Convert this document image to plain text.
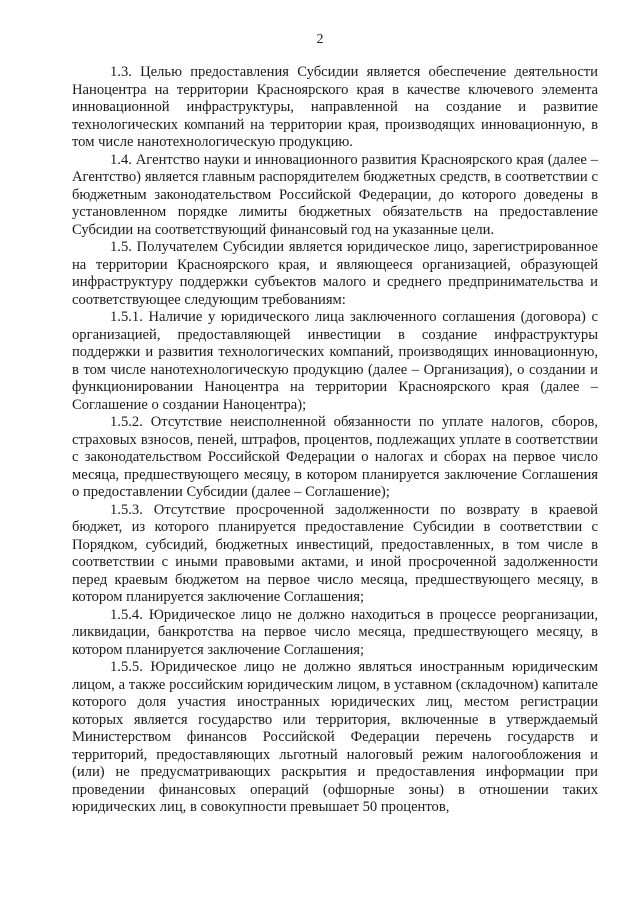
2

1.3. Целью предоставления Субсидии является обеспечение деятельности Наноцентра на территории Красноярского края в качестве ключевого элемента инновационной инфраструктуры, направленной на создание и развитие технологических компаний на территории края, производящих инновационную, в том числе нанотехнологическую продукцию.

1.4. Агентство науки и инновационного развития Красноярского края (далее – Агентство) является главным распорядителем бюджетных средств, в соответствии с бюджетным законодательством Российской Федерации, до которого доведены в установленном порядке лимиты бюджетных обязательств на предоставление Субсидии на соответствующий финансовый год на указанные цели.

1.5. Получателем Субсидии является юридическое лицо, зарегистрированное на территории Красноярского края, и являющееся организацией, образующей инфраструктуру поддержки субъектов малого и среднего предпринимательства и соответствующее следующим требованиям:

1.5.1. Наличие у юридического лица заключенного соглашения (договора) с организацией, предоставляющей инвестиции в создание инфраструктуры поддержки и развития технологических компаний, производящих инновационную, в том числе нанотехнологическую продукцию (далее – Организация), о создании и функционировании Наноцентра на территории Красноярского края (далее – Соглашение о создании Наноцентра);

1.5.2. Отсутствие неисполненной обязанности по уплате налогов, сборов, страховых взносов, пеней, штрафов, процентов, подлежащих уплате в соответствии с законодательством Российской Федерации о налогах и сборах на первое число месяца, предшествующего месяцу, в котором планируется заключение Соглашения о предоставлении Субсидии (далее – Соглашение);

1.5.3. Отсутствие просроченной задолженности по возврату в краевой бюджет, из которого планируется предоставление Субсидии в соответствии с Порядком, субсидий, бюджетных инвестиций, предоставленных, в том числе в соответствии с иными правовыми актами, и иной просроченной задолженности перед краевым бюджетом на первое число месяца, предшествующего месяцу, в котором планируется заключение Соглашения;

1.5.4. Юридическое лицо не должно находиться в процессе реорганизации, ликвидации, банкротства на первое число месяца, предшествующего месяцу, в котором планируется заключение Соглашения;

1.5.5. Юридическое лицо не должно являться иностранным юридическим лицом, а также российским юридическим лицом, в уставном (складочном) капитале которого доля участия иностранных юридических лиц, местом регистрации которых является государство или территория, включенные в утверждаемый Министерством финансов Российской Федерации перечень государств и территорий, предоставляющих льготный налоговый режим налогообложения и (или) не предусматривающих раскрытия и предоставления информации при проведении финансовых операций (офшорные зоны) в отношении таких юридических лиц, в совокупности превышает 50 процентов,
